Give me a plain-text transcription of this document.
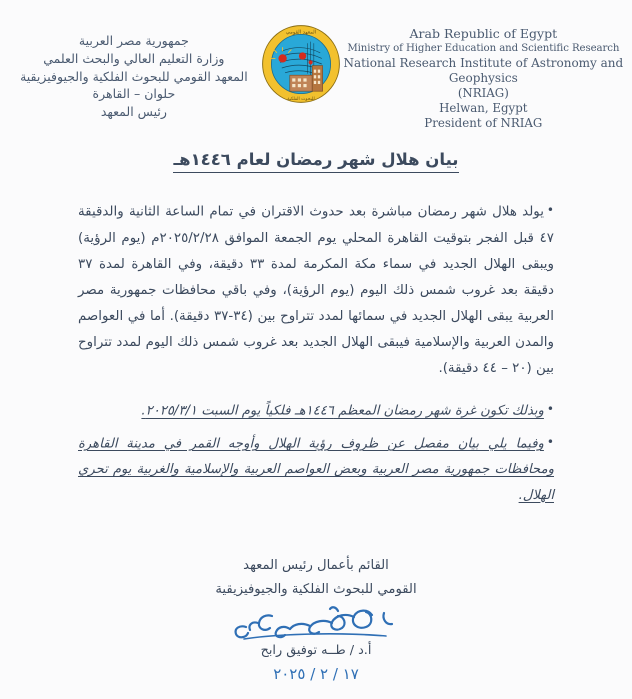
Arab Republic of Egypt
Ministry of Higher Education and Scientific Research
National Research Institute of Astronomy and Geophysics
(NRIAG)
Helwan, Egypt
President of NRIAG
المعهد القومي
للبحوث الفلكية
جمهورية مصر العربية
وزارة التعليم العالي والبحث العلمي
المعهد القومي للبحوث الفلكية والجيوفيزيقية
حلوان – القاهرة
رئيس المعهد
بيان هلال شهر رمضان لعام ١٤٤٦هـ

•يولد هلال شهر رمضان مباشرة بعد حدوث الاقتران في تمام الساعة الثانية والدقيقة ٤٧ قبل الفجر بتوقيت القاهرة المحلي يوم الجمعة الموافق ٢٠٢٥/٢/٢٨م (يوم الرؤية) ويبقى الهلال الجديد في سماء مكة المكرمة لمدة ٣٣ دقيقة، وفي القاهرة لمدة ٣٧ دقيقة بعد غروب شمس ذلك اليوم (يوم الرؤية)، وفي باقي محافظات جمهورية مصر العربية يبقى الهلال الجديد في سمائها لمدد تتراوح بين (٣٤-٣٧ دقيقة). أما في العواصم والمدن العربية والإسلامية فيبقى الهلال الجديد بعد غروب شمس ذلك اليوم لمدد تتراوح بين (٢٠ – ٤٤ دقيقة).

•وبذلك تكون غرة شهر رمضان المعظم ١٤٤٦هـ فلكياً يوم السبت ٢٠٢٥/٣/١.
•وفيما يلي بيان مفصل عن ظروف رؤية الهلال وأوجه القمر في مدينة القاهرة ومحافظات جمهورية مصر العربية وبعض العواصم العربية والإسلامية والغربية يوم تحري الهلال.
القائم بأعمال رئيس المعهد
القومي للبحوث الفلكية والجيوفيزيقية
أ.د / طــه توفيق رابح
١٧ / ٢ / ٢٠٢٥
